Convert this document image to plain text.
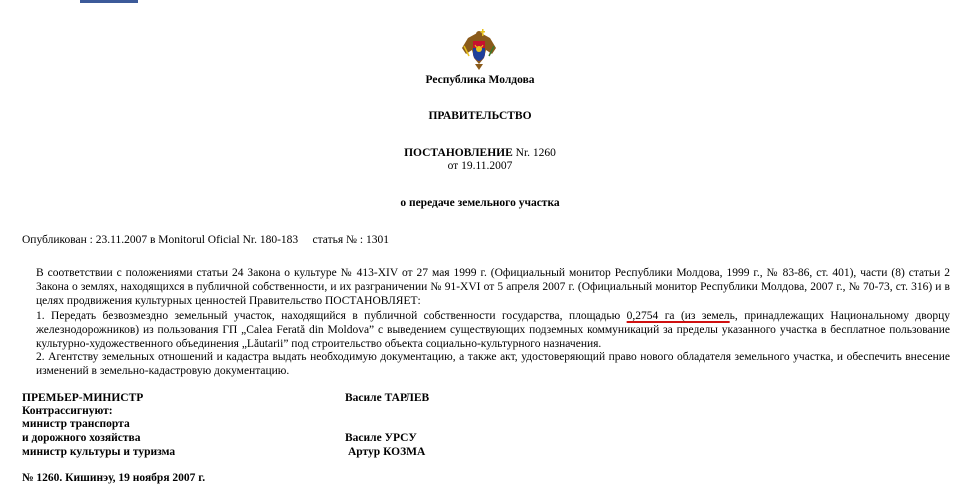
Республика Молдова
ПРАВИТЕЛЬСТВО
ПОСТАНОВЛЕНИЕ Nr. 1260
от 19.11.2007
о передаче земельного участка
Опубликован : 23.11.2007 в Monitorul Oficial Nr. 180-183     статья № : 1301
В соответствии с положениями статьи 24 Закона о культуре № 413-XIV от 27 мая 1999 г. (Официальный монитор Республики Молдова, 1999 г., № 83-86, ст. 401), части (8) статьи 2 Закона о землях, находящихся в публичной собственности, и их разграничении № 91-XVI от 5 апреля 2007 г. (Официальный монитор Республики Молдова, 2007 г., № 70-73, ст. 316) и в целях продвижения культурных ценностей Правительство ПОСТАНОВЛЯЕТ:
1. Передать безвозмездно земельный участок, находящийся в публичной собственности государства, площадью 0,2754 га (из земель, принадлежащих Национальному дворцу железнодорожников) из пользования ГП „Calea Ferată din Moldova” с выведением существующих подземных коммуникаций за пределы указанного участка в бесплатное пользование культурно-художественного объединения „Lăutarii” под строительство объекта социально-культурного назначения.
2. Агентству земельных отношений и кадастра выдать необходимую документацию, а также акт, удостоверяющий право нового обладателя земельного участка, и обеспечить внесение изменений в земельно-кадастровую документацию.
ПРЕМЬЕР-МИНИСТР	Василе ТАРЛЕВ
Контрассигнуют:
министр транспорта
и дорожного хозяйства	Василе УРСУ
министр культуры и туризма	Артур КОЗМА
№ 1260. Кишинэу, 19 ноября 2007 г.
